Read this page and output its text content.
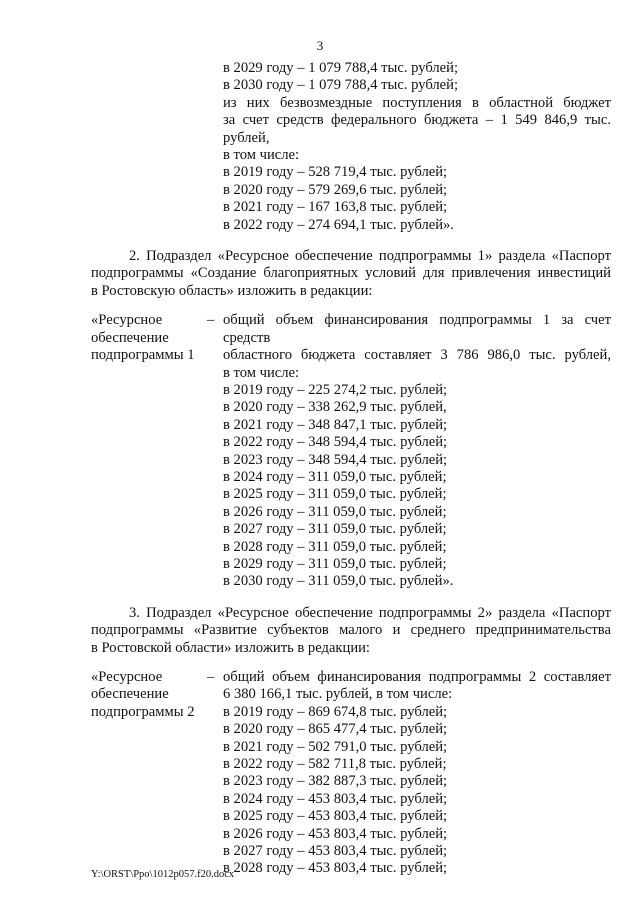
3
в 2029 году – 1 079 788,4 тыс. рублей;
в 2030 году – 1 079 788,4 тыс. рублей;
из них безвозмездные поступления в областной бюджет
за счет средств федерального бюджета – 1 549 846,9 тыс. рублей,
в том числе:
в 2019 году – 528 719,4 тыс. рублей;
в 2020 году – 579 269,6 тыс. рублей;
в 2021 году – 167 163,8 тыс. рублей;
в 2022 году – 274 694,1 тыс. рублей».
2. Подраздел «Ресурсное обеспечение подпрограммы 1» раздела «Паспорт
подпрограммы «Создание благоприятных условий для привлечения инвестиций
в Ростовскую область» изложить в редакции:
«Ресурсное
обеспечение
подпрограммы 1
– общий объем финансирования подпрограммы 1 за счет средств
областного бюджета составляет 3 786 986,0 тыс. рублей,
в том числе:
в 2019 году – 225 274,2 тыс. рублей;
в 2020 году – 338 262,9 тыс. рублей,
в 2021 году – 348 847,1 тыс. рублей;
в 2022 году – 348 594,4 тыс. рублей;
в 2023 году – 348 594,4 тыс. рублей;
в 2024 году – 311 059,0 тыс. рублей;
в 2025 году – 311 059,0 тыс. рублей;
в 2026 году – 311 059,0 тыс. рублей;
в 2027 году – 311 059,0 тыс. рублей;
в 2028 году – 311 059,0 тыс. рублей;
в 2029 году – 311 059,0 тыс. рублей;
в 2030 году – 311 059,0 тыс. рублей».
3. Подраздел «Ресурсное обеспечение подпрограммы 2» раздела «Паспорт
подпрограммы «Развитие субъектов малого и среднего предпринимательства
в Ростовской области» изложить в редакции:
«Ресурсное
обеспечение
подпрограммы 2
– общий объем финансирования подпрограммы 2 составляет
6 380 166,1 тыс. рублей, в том числе:
в 2019 году – 869 674,8 тыс. рублей;
в 2020 году – 865 477,4 тыс. рублей;
в 2021 году – 502 791,0 тыс. рублей;
в 2022 году – 582 711,8 тыс. рублей;
в 2023 году – 382 887,3 тыс. рублей;
в 2024 году – 453 803,4 тыс. рублей;
в 2025 году – 453 803,4 тыс. рублей;
в 2026 году – 453 803,4 тыс. рублей;
в 2027 году – 453 803,4 тыс. рублей;
в 2028 году – 453 803,4 тыс. рублей;
Y:\ORST\Ppo\1012p057.f20.docx
